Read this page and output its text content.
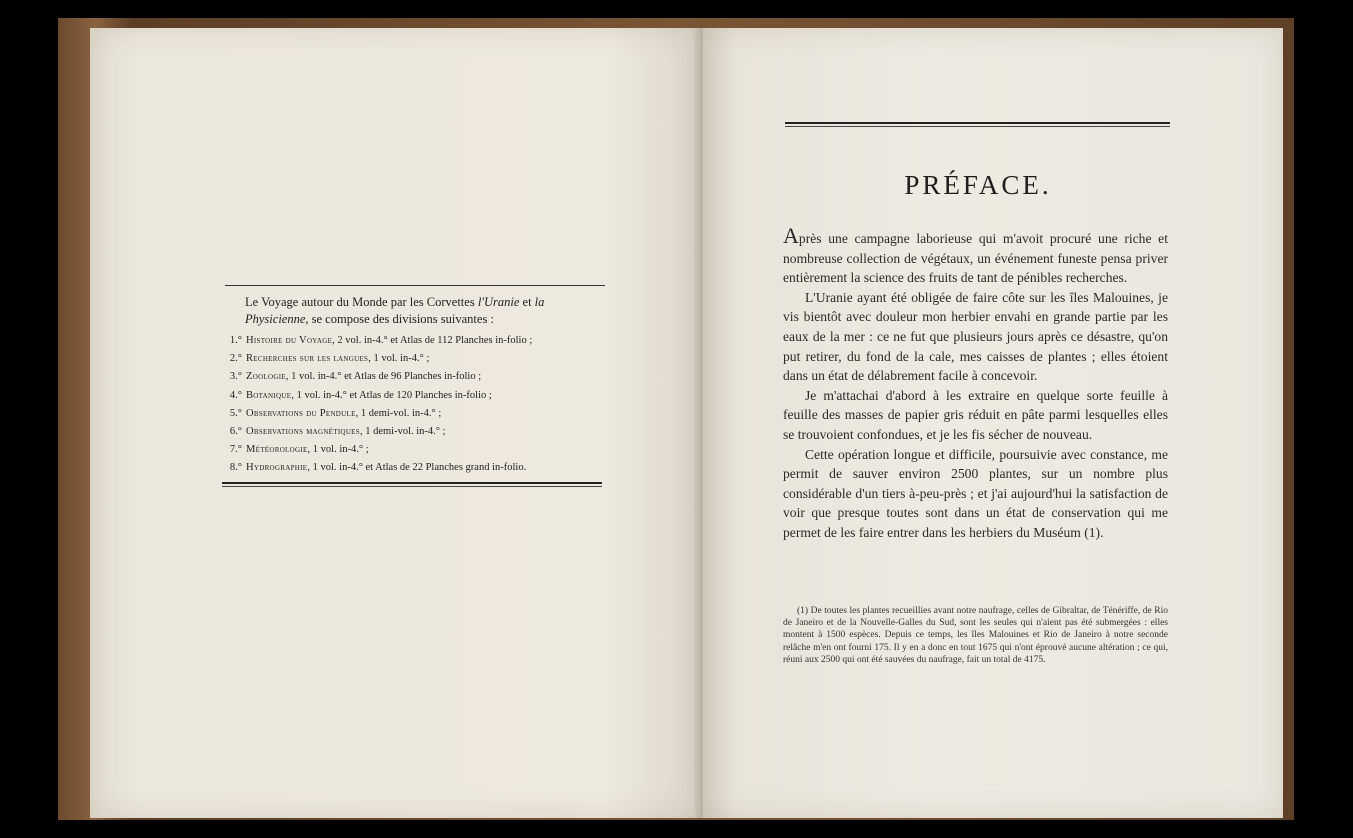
Le Voyage autour du Monde par les Corvettes l'Uranie et la Physicienne, se compose des divisions suivantes :
1.° Histoire du Voyage, 2 vol. in-4.° et Atlas de 112 Planches in-folio ;
2.° Recherches sur les langues, 1 vol. in-4.° ;
3.° Zoologie, 1 vol. in-4.° et Atlas de 96 Planches in-folio ;
4.° Botanique, 1 vol. in-4.° et Atlas de 120 Planches in-folio ;
5.° Observations du Pendule, 1 demi-vol. in-4.° ;
6.° Observations magnétiques, 1 demi-vol. in-4.° ;
7.° Météorologie, 1 vol. in-4.° ;
8.° Hydrographie, 1 vol. in-4.° et Atlas de 22 Planches grand in-folio.
PRÉFACE.

Après une campagne laborieuse qui m'avoit procuré une riche et nombreuse collection de végétaux, un événement funeste pensa priver entièrement la science des fruits de tant de pénibles recherches.

L'Uranie ayant été obligée de faire côte sur les îles Malouines, je vis bientôt avec douleur mon herbier envahi en grande partie par les eaux de la mer : ce ne fut que plusieurs jours après ce désastre, qu'on put retirer, du fond de la cale, mes caisses de plantes ; elles étoient dans un état de délabrement facile à concevoir.

Je m'attachai d'abord à les extraire en quelque sorte feuille à feuille des masses de papier gris réduit en pâte parmi lesquelles elles se trouvoient confondues, et je les fis sécher de nouveau.

Cette opération longue et difficile, poursuivie avec constance, me permit de sauver environ 2500 plantes, sur un nombre plus considérable d'un tiers à-peu-près ; et j'ai aujourd'hui la satisfaction de voir que presque toutes sont dans un état de conservation qui me permet de les faire entrer dans les herbiers du Muséum (1).

(1) De toutes les plantes recueillies avant notre naufrage, celles de Gibraltar, de Ténériffe, de Rio de Janeiro et de la Nouvelle-Galles du Sud, sont les seules qui n'aient pas été submergées : elles montent à 1500 espèces. Depuis ce temps, les îles Malouines et Rio de Janeiro à notre seconde relâche m'en ont fourni 175. Il y en a donc en tout 1675 qui n'ont éprouvé aucune altération ; ce qui, réuni aux 2500 qui ont été sauvées du naufrage, fait un total de 4175.
